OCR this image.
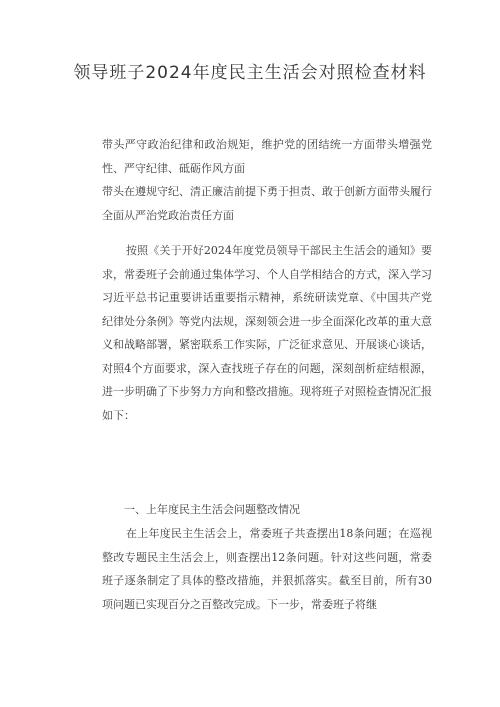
领导班子2024年度民主生活会对照检查材料

带头严守政治纪律和政治规矩，维护党的团结统一方面带头增强党性、严守纪律、砥砺作风方面

带头在遵规守纪、清正廉洁前提下勇于担责、敢于创新方面带头履行全面从严治党政治责任方面

按照《关于开好2024年度党员领导干部民主生活会的通知》要求，常委班子会前通过集体学习、个人自学相结合的方式，深入学习习近平总书记重要讲话重要指示精神，系统研读党章、《中国共产党纪律处分条例》等党内法规，深刻领会进一步全面深化改革的重大意义和战略部署，紧密联系工作实际，广泛征求意见、开展谈心谈话，对照4个方面要求，深入查找班子存在的问题，深刻剖析症结根源，进一步明确了下步努力方向和整改措施。现将班子对照检查情况汇报如下：

一、上年度民主生活会问题整改情况

在上年度民主生活会上，常委班子共查摆出18条问题；在巡视整改专题民主生活会上，则查摆出12条问题。针对这些问题，常委班子逐条制定了具体的整改措施，并狠抓落实。截至目前，所有30项问题已实现百分之百整改完成。下一步，常委班子将继
